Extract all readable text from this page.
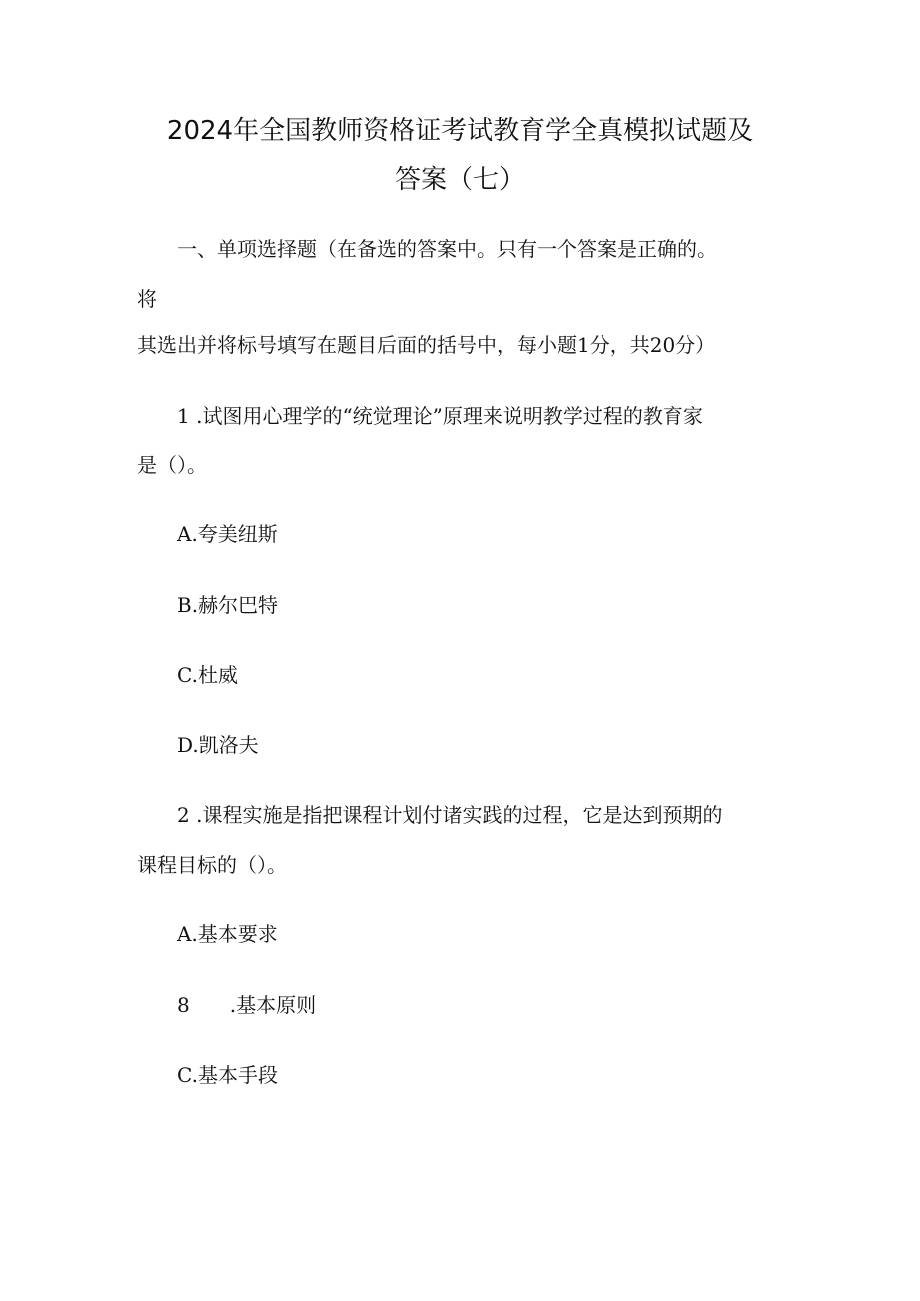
2024年全国教师资格证考试教育学全真模拟试题及
答案（七）
一、单项选择题（在备选的答案中。只有一个答案是正确的。
将
其选出并将标号填写在题目后面的括号中，每小题1分，共20分）
1 .试图用心理学的“统觉理论”原理来说明教学过程的教育家
是（）。
A.夸美纽斯
B.赫尔巴特
C.杜威
D.凯洛夫
2 .课程实施是指把课程计划付诸实践的过程，它是达到预期的
课程目标的（）。
A.基本要求
8 .基本原则
C.基本手段
